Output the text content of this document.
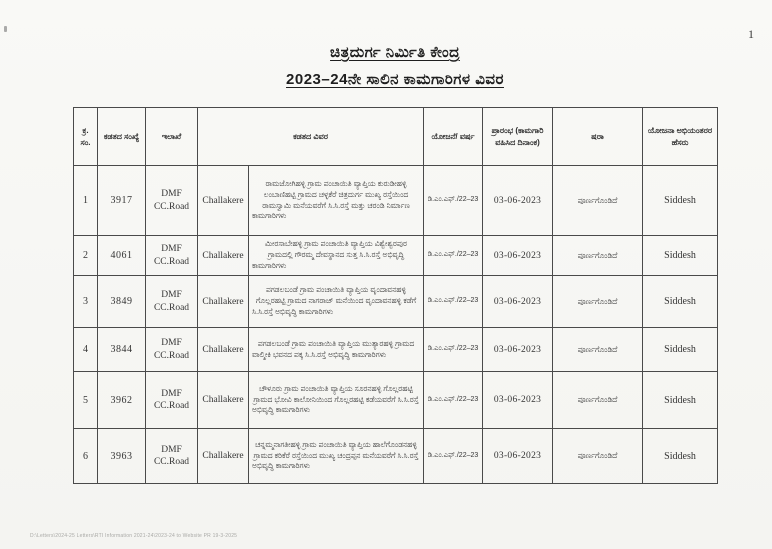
1
ಚಿತ್ರದುರ್ಗ ನಿರ್ಮಿತಿ ಕೇಂದ್ರ
2023–24ನೇ ಸಾಲಿನ ಕಾಮಗಾರಿಗಳ ವಿವರ
ಕ್ರ. ಸಂ.	ಕಡತದ ಸಂಖ್ಯೆ	ಇಲಾಖೆ	ಕಡತದ ವಿವರ		ಯೋಜನೆ/ ವರ್ಷ	ಪ್ರಾರಂಭ (ಕಾಮಗಾರಿ ವಹಿಸಿದ ದಿನಾಂಕ)	ಷರಾ	ಯೋಜನಾ ಅಭಿಯಂತರರ ಹೆಸರು
1	3917	DMF CC.Road	Challakere	ರಾಮಜೋಗಿಹಳ್ಳಿ ಗ್ರಾಮ ಪಂಚಾಯಿತಿ ವ್ಯಾಪ್ತಿಯ ಕುರುಡೀಹಳ್ಳಿ ಲಂಬಾಣಿಹಟ್ಟಿ ಗ್ರಾಮದ ಚಳ್ಳಕೆರೆ ಚಿತ್ರದುರ್ಗ ಮುಖ್ಯ ರಸ್ತೆಯಿಂದ ರಾಮಸ್ವಾಮಿ ಮನೆಯವರೆಗೆ ಸಿ.ಸಿ.ರಸ್ತೆ ಮತ್ತು ಚರಂಡಿ ನಿರ್ಮಾಣ ಕಾಮಗಾರಿಗಳು	ಡಿ.ಎಂ.ಎಫ್./22–23	03-06-2023	ಪೂರ್ಣಗೊಂಡಿದೆ	Siddesh
2	4061	DMF CC.Road	Challakere	ಮೀರಸಾಬೇಹಳ್ಳಿ ಗ್ರಾಮ ಪಂಚಾಯಿತಿ ವ್ಯಾಪ್ತಿಯ ವಿಶ್ವೇಶ್ವರಪುರ ಗ್ರಾಮದಲ್ಲಿ ಗೌರಮ್ಮ ದೇವಸ್ಥಾನದ ಸುತ್ತ ಸಿ.ಸಿ.ರಸ್ತೆ ಅಭಿವೃದ್ಧಿ ಕಾಮಗಾರಿಗಳು	ಡಿ.ಎಂ.ಎಫ್./22–23	03-06-2023	ಪೂರ್ಣಗೊಂಡಿದೆ	Siddesh
3	3849	DMF CC.Road	Challakere	ಪಗಡಲಬಂಡೆ ಗ್ರಾಮ ಪಂಚಾಯಿತಿ ವ್ಯಾಪ್ತಿಯ ವೃಂದಾವನಹಳ್ಳಿ ಗೊಲ್ಲರಹಟ್ಟಿ ಗ್ರಾಮದ ನಾಗರಾಜ್ ಮನೆಯಿಂದ ವೃಂದಾವನಹಳ್ಳಿ ಕಡೆಗೆ ಸಿ.ಸಿ.ರಸ್ತೆ ಅಭಿವೃದ್ಧಿ ಕಾಮಗಾರಿಗಳು	ಡಿ.ಎಂ.ಎಫ್./22–23	03-06-2023	ಪೂರ್ಣಗೊಂಡಿದೆ	Siddesh
4	3844	DMF CC.Road	Challakere	ಪಗಡಲಬಂಡೆ ಗ್ರಾಮ ಪಂಚಾಯಿತಿ ವ್ಯಾಪ್ತಿಯ ಮುತ್ಯಾರಹಳ್ಳಿ ಗ್ರಾಮದ ವಾಲ್ಮೀಕಿ ಭವನದ ಪಕ್ಕ ಸಿ.ಸಿ.ರಸ್ತೆ ಅಭಿವೃದ್ಧಿ ಕಾಮಗಾರಿಗಳು	ಡಿ.ಎಂ.ಎಫ್./22–23	03-06-2023	ಪೂರ್ಣಗೊಂಡಿದೆ	Siddesh
5	3962	DMF CC.Road	Challakere	ಚೌಳೂರು ಗ್ರಾಮ ಪಂಚಾಯಿತಿ ವ್ಯಾಪ್ತಿಯ ಸೂರನಹಳ್ಳಿ ಗೊಲ್ಲರಹಟ್ಟಿ ಗ್ರಾಮದ ಭೋವಿ ಕಾಲೋನಿಯಿಂದ ಗೊಲ್ಲರಹಟ್ಟಿ ಕಡೆಯವರೆಗೆ ಸಿ.ಸಿ.ರಸ್ತೆ ಅಭಿವೃದ್ಧಿ ಕಾಮಗಾರಿಗಳು	ಡಿ.ಎಂ.ಎಫ್./22–23	03-06-2023	ಪೂರ್ಣಗೊಂಡಿದೆ	Siddesh
6	3963	DMF CC.Road	Challakere	ಚನ್ನಮ್ಮನಾಗತೀಹಳ್ಳಿ ಗ್ರಾಮ ಪಂಚಾಯಿತಿ ವ್ಯಾಪ್ತಿಯ ಹಾಲೆಗೊಂಡನಹಳ್ಳಿ ಗ್ರಾಮದ ಕರಿಕೆರೆ ರಸ್ತೆಯಿಂದ ಮುಖ್ಯ ಚಂದ್ರಪ್ಪನ ಮನೆಯವರೆಗೆ ಸಿ.ಸಿ.ರಸ್ತೆ ಅಭಿವೃದ್ಧಿ ಕಾಮಗಾರಿಗಳು	ಡಿ.ಎಂ.ಎಫ್./22–23	03-06-2023	ಪೂರ್ಣಗೊಂಡಿದೆ	Siddesh
D:\Letters\2024-25 Letters\RTI Information 2021-24\2023-24 to Website PR 19-3-2025
